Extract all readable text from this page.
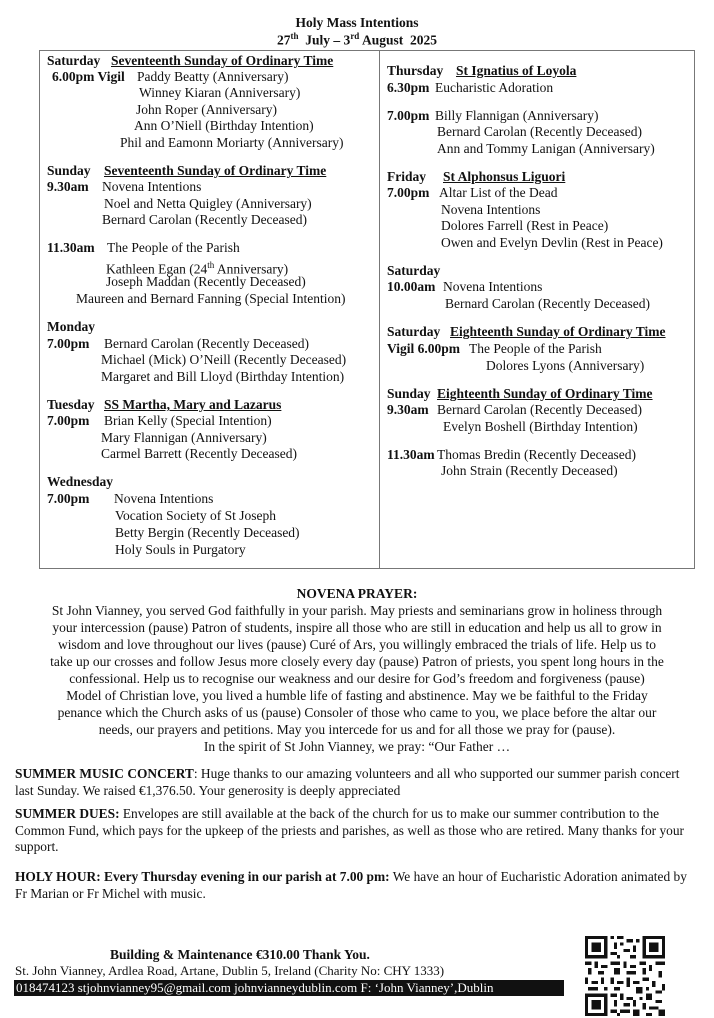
Holy Mass Intentions
27th  July – 3rd August  2025
Saturday Seventeenth Sunday of Ordinary Time
6.00pm Vigil Paddy Beatty (Anniversary)
Winney Kiaran (Anniversary)
John Roper (Anniversary)
Ann O’Niell (Birthday Intention)
Phil and Eamonn Moriarty (Anniversary)
Sunday Seventeenth Sunday of Ordinary Time
9.30am Novena Intentions
Noel and Netta Quigley (Anniversary)
Bernard Carolan (Recently Deceased)
11.30am The People of the Parish
Kathleen Egan (24th Anniversary)
Joseph Maddan (Recently Deceased)
Maureen and Bernard Fanning (Special Intention)
Monday
7.00pm Bernard Carolan (Recently Deceased)
Michael (Mick) O’Neill (Recently Deceased)
Margaret and Bill Lloyd (Birthday Intention)
Tuesday SS Martha, Mary and Lazarus
7.00pm Brian Kelly (Special Intention)
Mary Flannigan (Anniversary)
Carmel Barrett (Recently Deceased)
Wednesday
7.00pm Novena Intentions
Vocation Society of St Joseph
Betty Bergin (Recently Deceased)
Holy Souls in Purgatory
Thursday St Ignatius of Loyola
6.30pm Eucharistic Adoration
7.00pm Billy Flannigan (Anniversary)
Bernard Carolan (Recently Deceased)
Ann and Tommy Lanigan (Anniversary)
Friday St Alphonsus Liguori
7.00pm Altar List of the Dead
Novena Intentions
Dolores Farrell (Rest in Peace)
Owen and Evelyn Devlin (Rest in Peace)
Saturday
10.00am Novena Intentions
Bernard Carolan (Recently Deceased)
Saturday Eighteenth Sunday of Ordinary Time
Vigil 6.00pm The People of the Parish
Dolores Lyons (Anniversary)
Sunday Eighteenth Sunday of Ordinary Time
9.30am Bernard Carolan (Recently Deceased)
Evelyn Boshell (Birthday Intention)
11.30am Thomas Bredin (Recently Deceased)
John Strain (Recently Deceased)
NOVENA PRAYER:
St John Vianney, you served God faithfully in your parish. May priests and seminarians grow in holiness through
your intercession (pause) Patron of students, inspire all those who are still in education and help us all to grow in
wisdom and love throughout our lives (pause) Curé of Ars, you willingly embraced the trials of life. Help us to
take up our crosses and follow Jesus more closely every day (pause) Patron of priests, you spent long hours in the
confessional. Help us to recognise our weakness and our desire for God’s freedom and forgiveness (pause)
Model of Christian love, you lived a humble life of fasting and abstinence. May we be faithful to the Friday
penance which the Church asks of us (pause) Consoler of those who came to you, we place before the altar our
needs, our prayers and petitions. May you intercede for us and for all those we pray for (pause).
In the spirit of St John Vianney, we pray: “Our Father …
SUMMER MUSIC CONCERT: Huge thanks to our amazing volunteers and all who supported our summer parish concert last Sunday. We raised €1,376.50. Your generosity is deeply appreciated
SUMMER DUES: Envelopes are still available at the back of the church for us to make our summer contribution to the Common Fund, which pays for the upkeep of the priests and parishes, as well as those who are retired. Many thanks for your support.
HOLY HOUR: Every Thursday evening in our parish at 7.00 pm: We have an hour of Eucharistic Adoration animated by Fr Marian or Fr Michel with music.
Building & Maintenance €310.00 Thank You.
St. John Vianney, Ardlea Road, Artane, Dublin 5, Ireland (Charity No: CHY 1333)
018474123 stjohnvianney95@gmail.com johnvianneydublin.com F: ‘John Vianney’,Dublin
